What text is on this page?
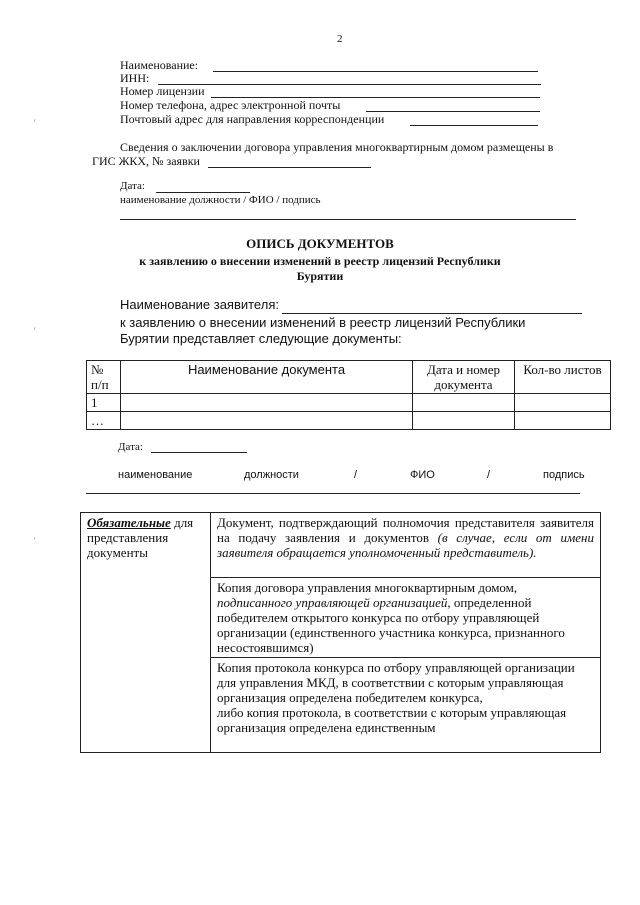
2
Наименование:
ИНН:
Номер лицензии
Номер телефона, адрес электронной почты
Почтовый адрес для направления корреспонденции
Сведения о заключении договора управления многоквартирным домом размещены в
ГИС ЖКХ, № заявки
Дата:
наименование должности / ФИО / подпись
ОПИСЬ ДОКУМЕНТОВ
к заявлению о внесении изменений в реестр лицензий Республики
Бурятии
Наименование заявителя:
к заявлению о внесении изменений в реестр лицензий Республики
Бурятии представляет следующие документы:
№
п/п	Наименование документа	Дата и номер документа	Кол-во листов
1			
…			
Дата:
наименование	должности	/	ФИО	/	подпись
Обязательные для представления документы	Документ, подтверждающий полномочия представителя заявителя на подачу заявления и документов (в случае, если от имени заявителя обращается уполномоченный представитель).
Копия договора управления многоквартирным домом, подписанного управляющей организацией, определенной победителем открытого конкурса по отбору управляющей организации (единственного участника конкурса, признанного несостоявшимся)
Копия протокола конкурса по отбору управляющей организации для управления МКД, в соответствии с которым управляющая организация определена победителем конкурса,
либо копия протокола, в соответствии с которым управляющая организация определена единственным
'
'
'
